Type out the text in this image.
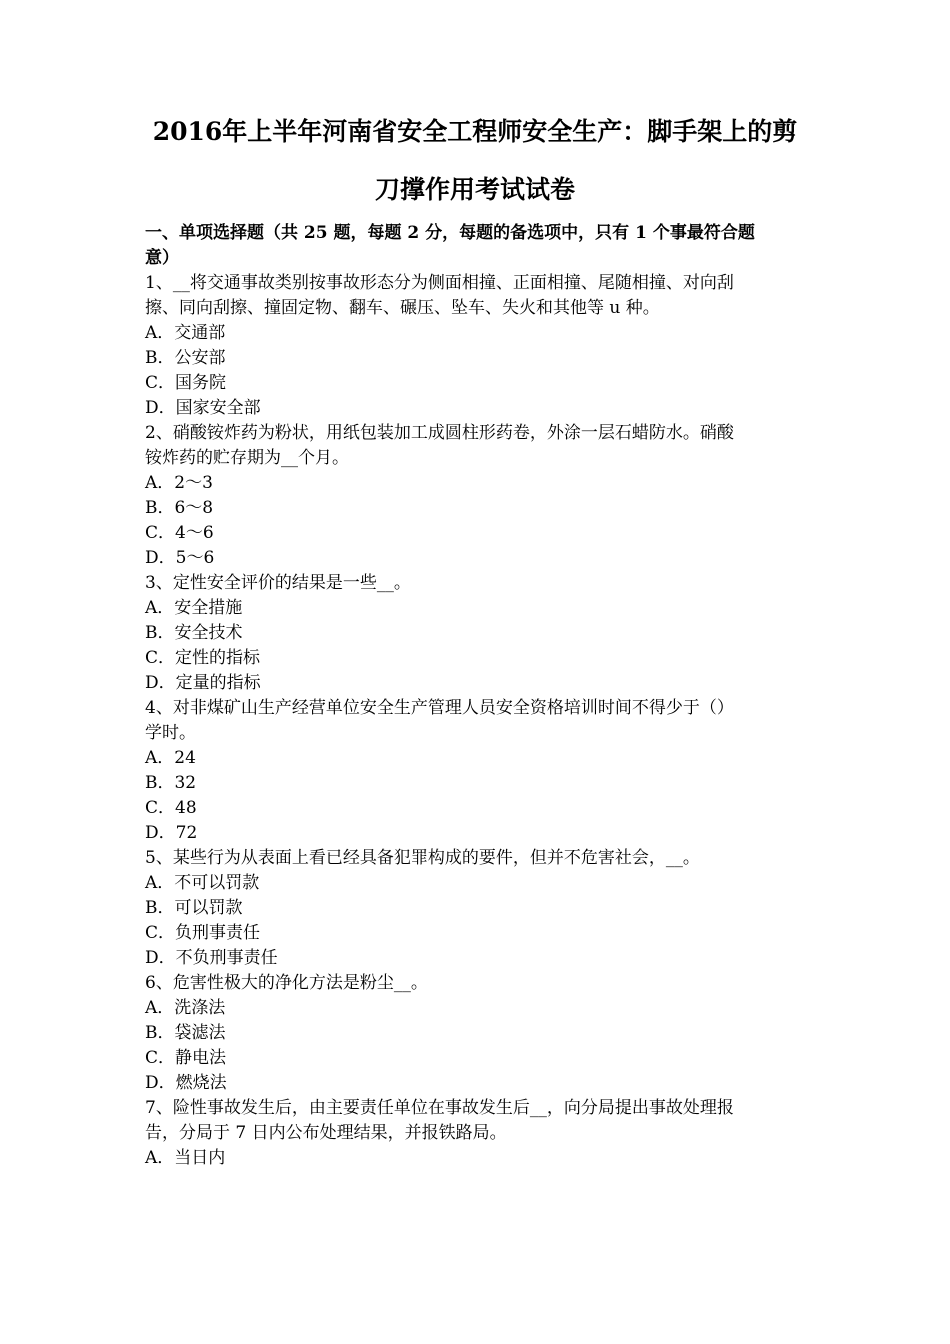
2016年上半年河南省安全工程师安全生产：脚手架上的剪
刀撑作用考试试卷
一、单项选择题（共 25 题，每题 2 分，每题的备选项中，只有 1 个事最符合题
意）
1、__将交通事故类别按事故形态分为侧面相撞、正面相撞、尾随相撞、对向刮
擦、同向刮擦、撞固定物、翻车、碾压、坠车、失火和其他等 u 种。
A．交通部
B．公安部
C．国务院
D．国家安全部
2、硝酸铵炸药为粉状，用纸包装加工成圆柱形药卷，外涂一层石蜡防水。硝酸
铵炸药的贮存期为__个月。
A．2～3
B．6～8
C．4～6
D．5～6
3、定性安全评价的结果是一些__。
A．安全措施
B．安全技术
C．定性的指标
D．定量的指标
4、对非煤矿山生产经营单位安全生产管理人员安全资格培训时间不得少于（）
学时。
A．24
B．32
C．48
D．72
5、某些行为从表面上看已经具备犯罪构成的要件，但并不危害社会，__。
A．不可以罚款
B．可以罚款
C．负刑事责任
D．不负刑事责任
6、危害性极大的净化方法是粉尘__。
A．洗涤法
B．袋滤法
C．静电法
D．燃烧法
7、险性事故发生后，由主要责任单位在事故发生后__，向分局提出事故处理报
告，分局于 7 日内公布处理结果，并报铁路局。
A．当日内
